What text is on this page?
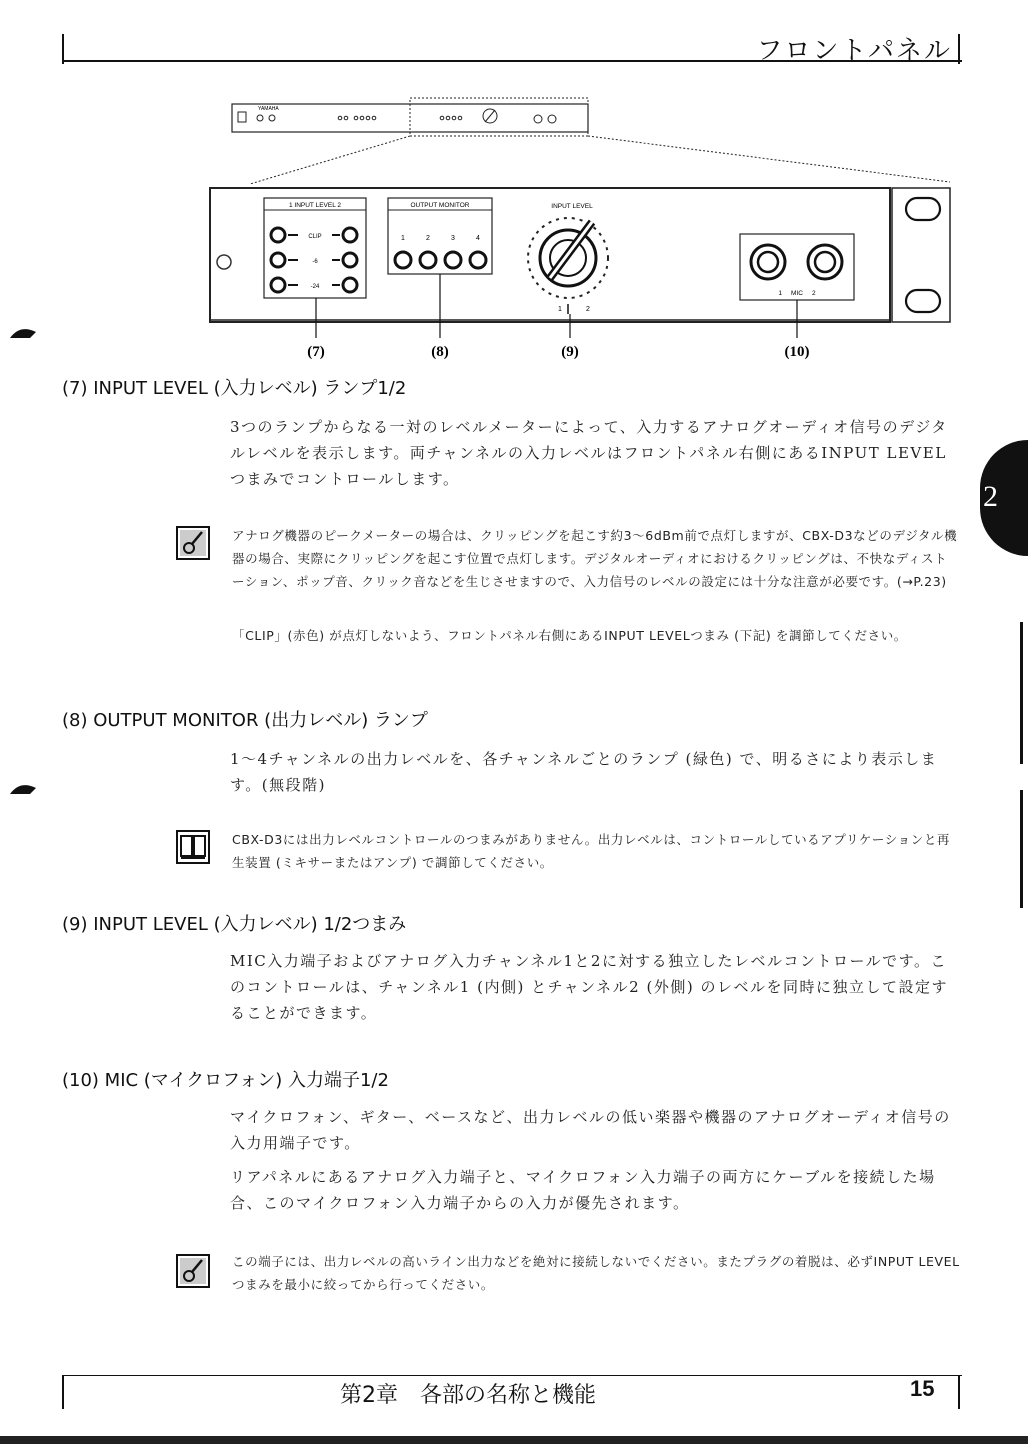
フロントパネル
YAMAHA
1 INPUT LEVEL 2
CLIP
-6
-24
OUTPUT MONITOR
1	2	3	4
INPUT LEVEL
1	2
1     MIC     2
(7)	(8)	(9)	(10)
(7) INPUT LEVEL (入力レベル) ランプ1/2
3つのランプからなる一対のレベルメーターによって、入力するアナログオーディオ信号のデジタルレベルを表示します。両チャンネルの入力レベルはフロントパネル右側にあるINPUT LEVELつまみでコントロールします。
アナログ機器のピークメーターの場合は、クリッピングを起こす約3〜6dBm前で点灯しますが、CBX-D3などのデジタル機器の場合、実際にクリッピングを起こす位置で点灯します。デジタルオーディオにおけるクリッピングは、不快なディストーション、ポップ音、クリック音などを生じさせますので、入力信号のレベルの設定には十分な注意が必要です。(→P.23)
「CLIP」(赤色) が点灯しないよう、フロントパネル右側にあるINPUT LEVELつまみ (下記) を調節してください。
(8) OUTPUT MONITOR (出力レベル) ランプ
1〜4チャンネルの出力レベルを、各チャンネルごとのランプ (緑色) で、明るさにより表示します。(無段階)
CBX-D3には出力レベルコントロールのつまみがありません。出力レベルは、コントロールしているアプリケーションと再生装置 (ミキサーまたはアンプ) で調節してください。
(9) INPUT LEVEL (入力レベル) 1/2つまみ
MIC入力端子およびアナログ入力チャンネル1と2に対する独立したレベルコントロールです。このコントロールは、チャンネル1 (内側) とチャンネル2 (外側) のレベルを同時に独立して設定することができます。
(10) MIC (マイクロフォン) 入力端子1/2
マイクロフォン、ギター、ベースなど、出力レベルの低い楽器や機器のアナログオーディオ信号の入力用端子です。
リアパネルにあるアナログ入力端子と、マイクロフォン入力端子の両方にケーブルを接続した場合、このマイクロフォン入力端子からの入力が優先されます。
この端子には、出力レベルの高いライン出力などを絶対に接続しないでください。またプラグの着脱は、必ずINPUT LEVELつまみを最小に絞ってから行ってください。
2
第2章　各部の名称と機能	15
